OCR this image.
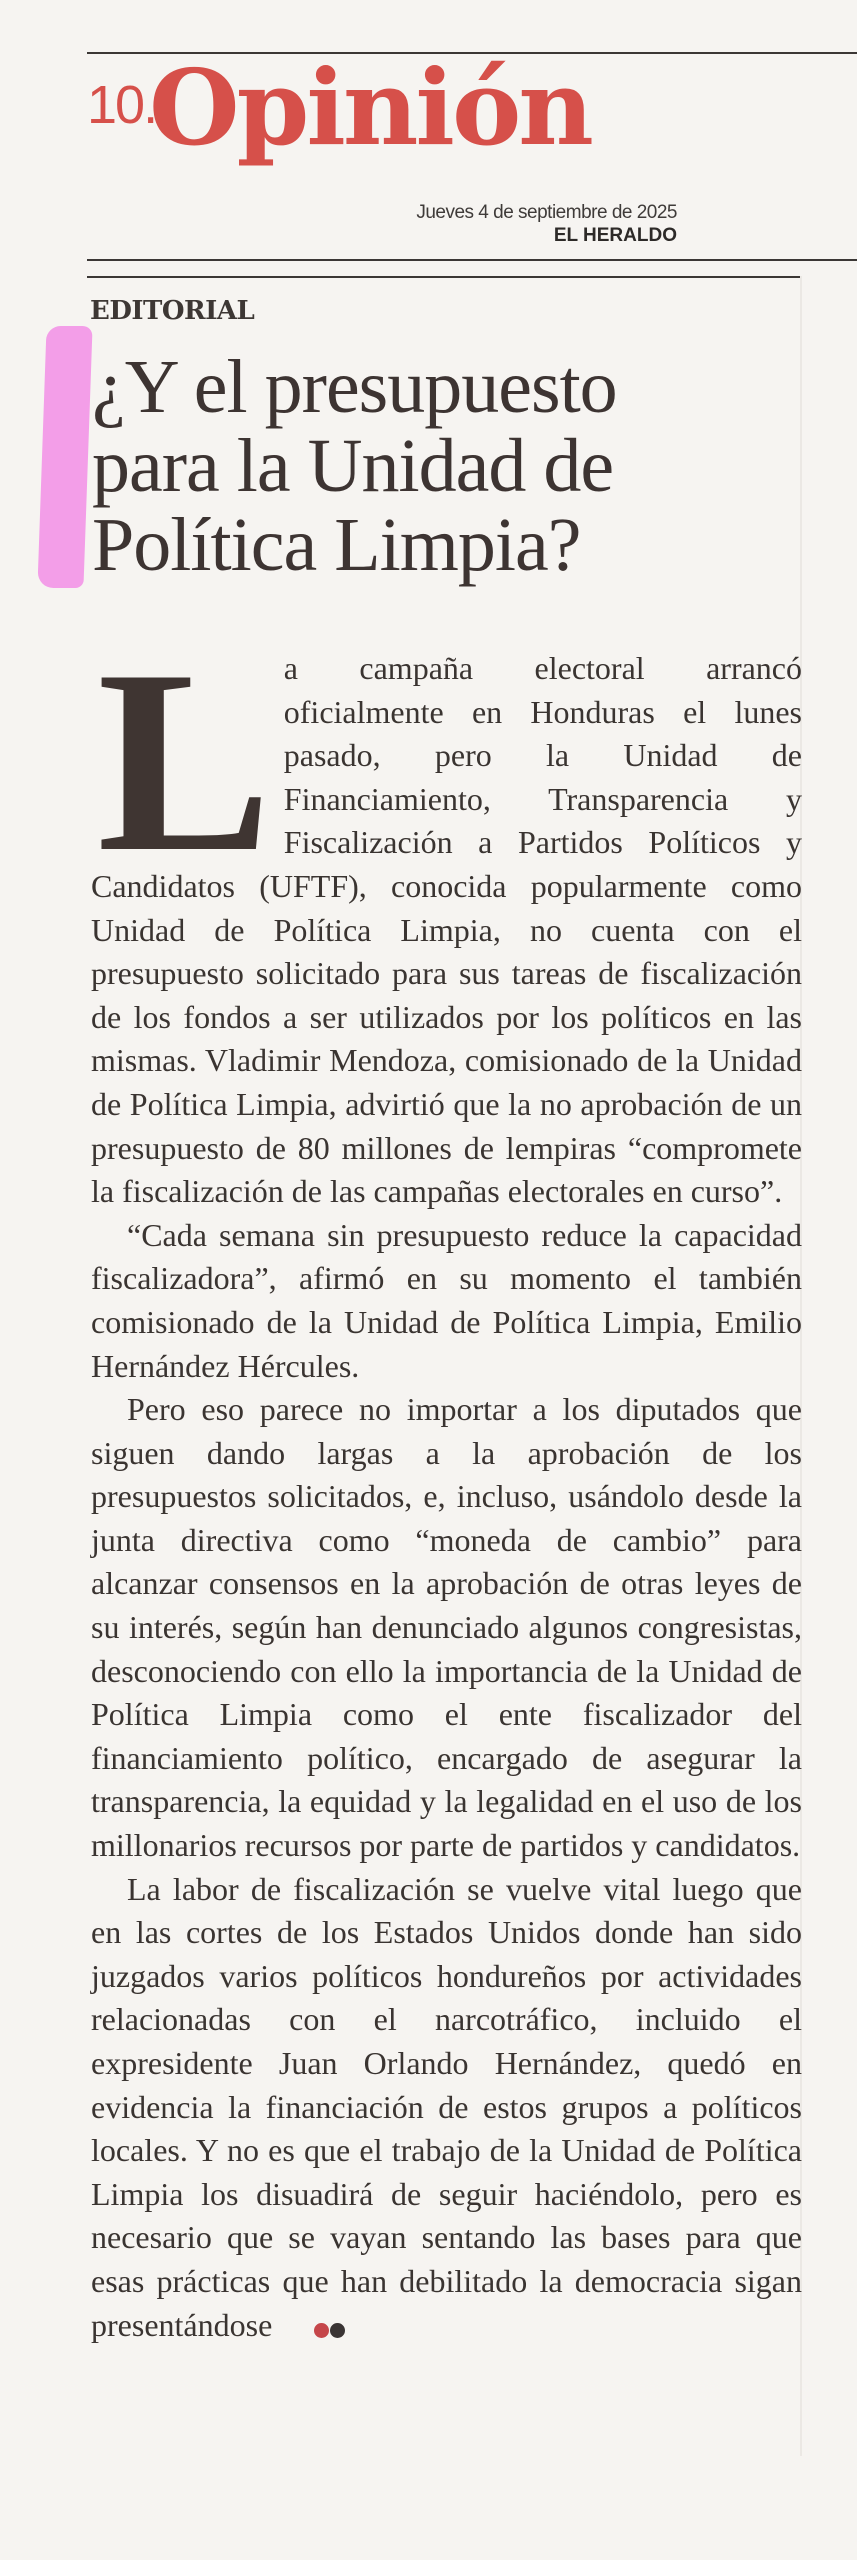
10.
Opinión
Jueves 4 de septiembre de 2025
EL HERALDO
EDITORIAL
¿Y el presupuesto
para la Unidad de
Política Limpia?

La campaña electoral arrancó oficialmente en Honduras el lunes pasado, pero la Unidad de Financiamiento, Transparencia y Fiscalización a Partidos Políticos y Candidatos (UFTF), conocida popularmente como Unidad de Política Limpia, no cuenta con el presupuesto solicitado para sus tareas de fiscalización de los fondos a ser utilizados por los políticos en las mismas. Vladimir Mendoza, comisionado de la Unidad de Política Limpia, advirtió que la no aprobación de un presupuesto de 80 millones de lempiras “compromete la fiscalización de las campañas electorales en curso”.

“Cada semana sin presupuesto reduce la capacidad fiscalizadora”, afirmó en su momento el también comisionado de la Unidad de Política Limpia, Emilio Hernández Hércules.

Pero eso parece no importar a los diputados que siguen dando largas a la aprobación de los presupuestos solicitados, e, incluso, usándolo desde la junta directiva como “moneda de cambio” para alcanzar consensos en la aprobación de otras leyes de su interés, según han denunciado algunos congresistas, desconociendo con ello la importancia de la Unidad de Política Limpia como el ente fiscalizador del financiamiento político, encargado de asegurar la transparencia, la equidad y la legalidad en el uso de los millonarios recursos por parte de partidos y candidatos.

La labor de fiscalización se vuelve vital luego que en las cortes de los Estados Unidos donde han sido juzgados varios políticos hondureños por actividades relacionadas con el narcotráfico, incluido el expresidente Juan Orlando Hernández, quedó en evidencia la financiación de estos grupos a políticos locales. Y no es que el trabajo de la Unidad de Política Limpia los disuadirá de seguir haciéndolo, pero es necesario que se vayan sentando las bases para que esas prácticas que han debilitado la democracia sigan presentándose
